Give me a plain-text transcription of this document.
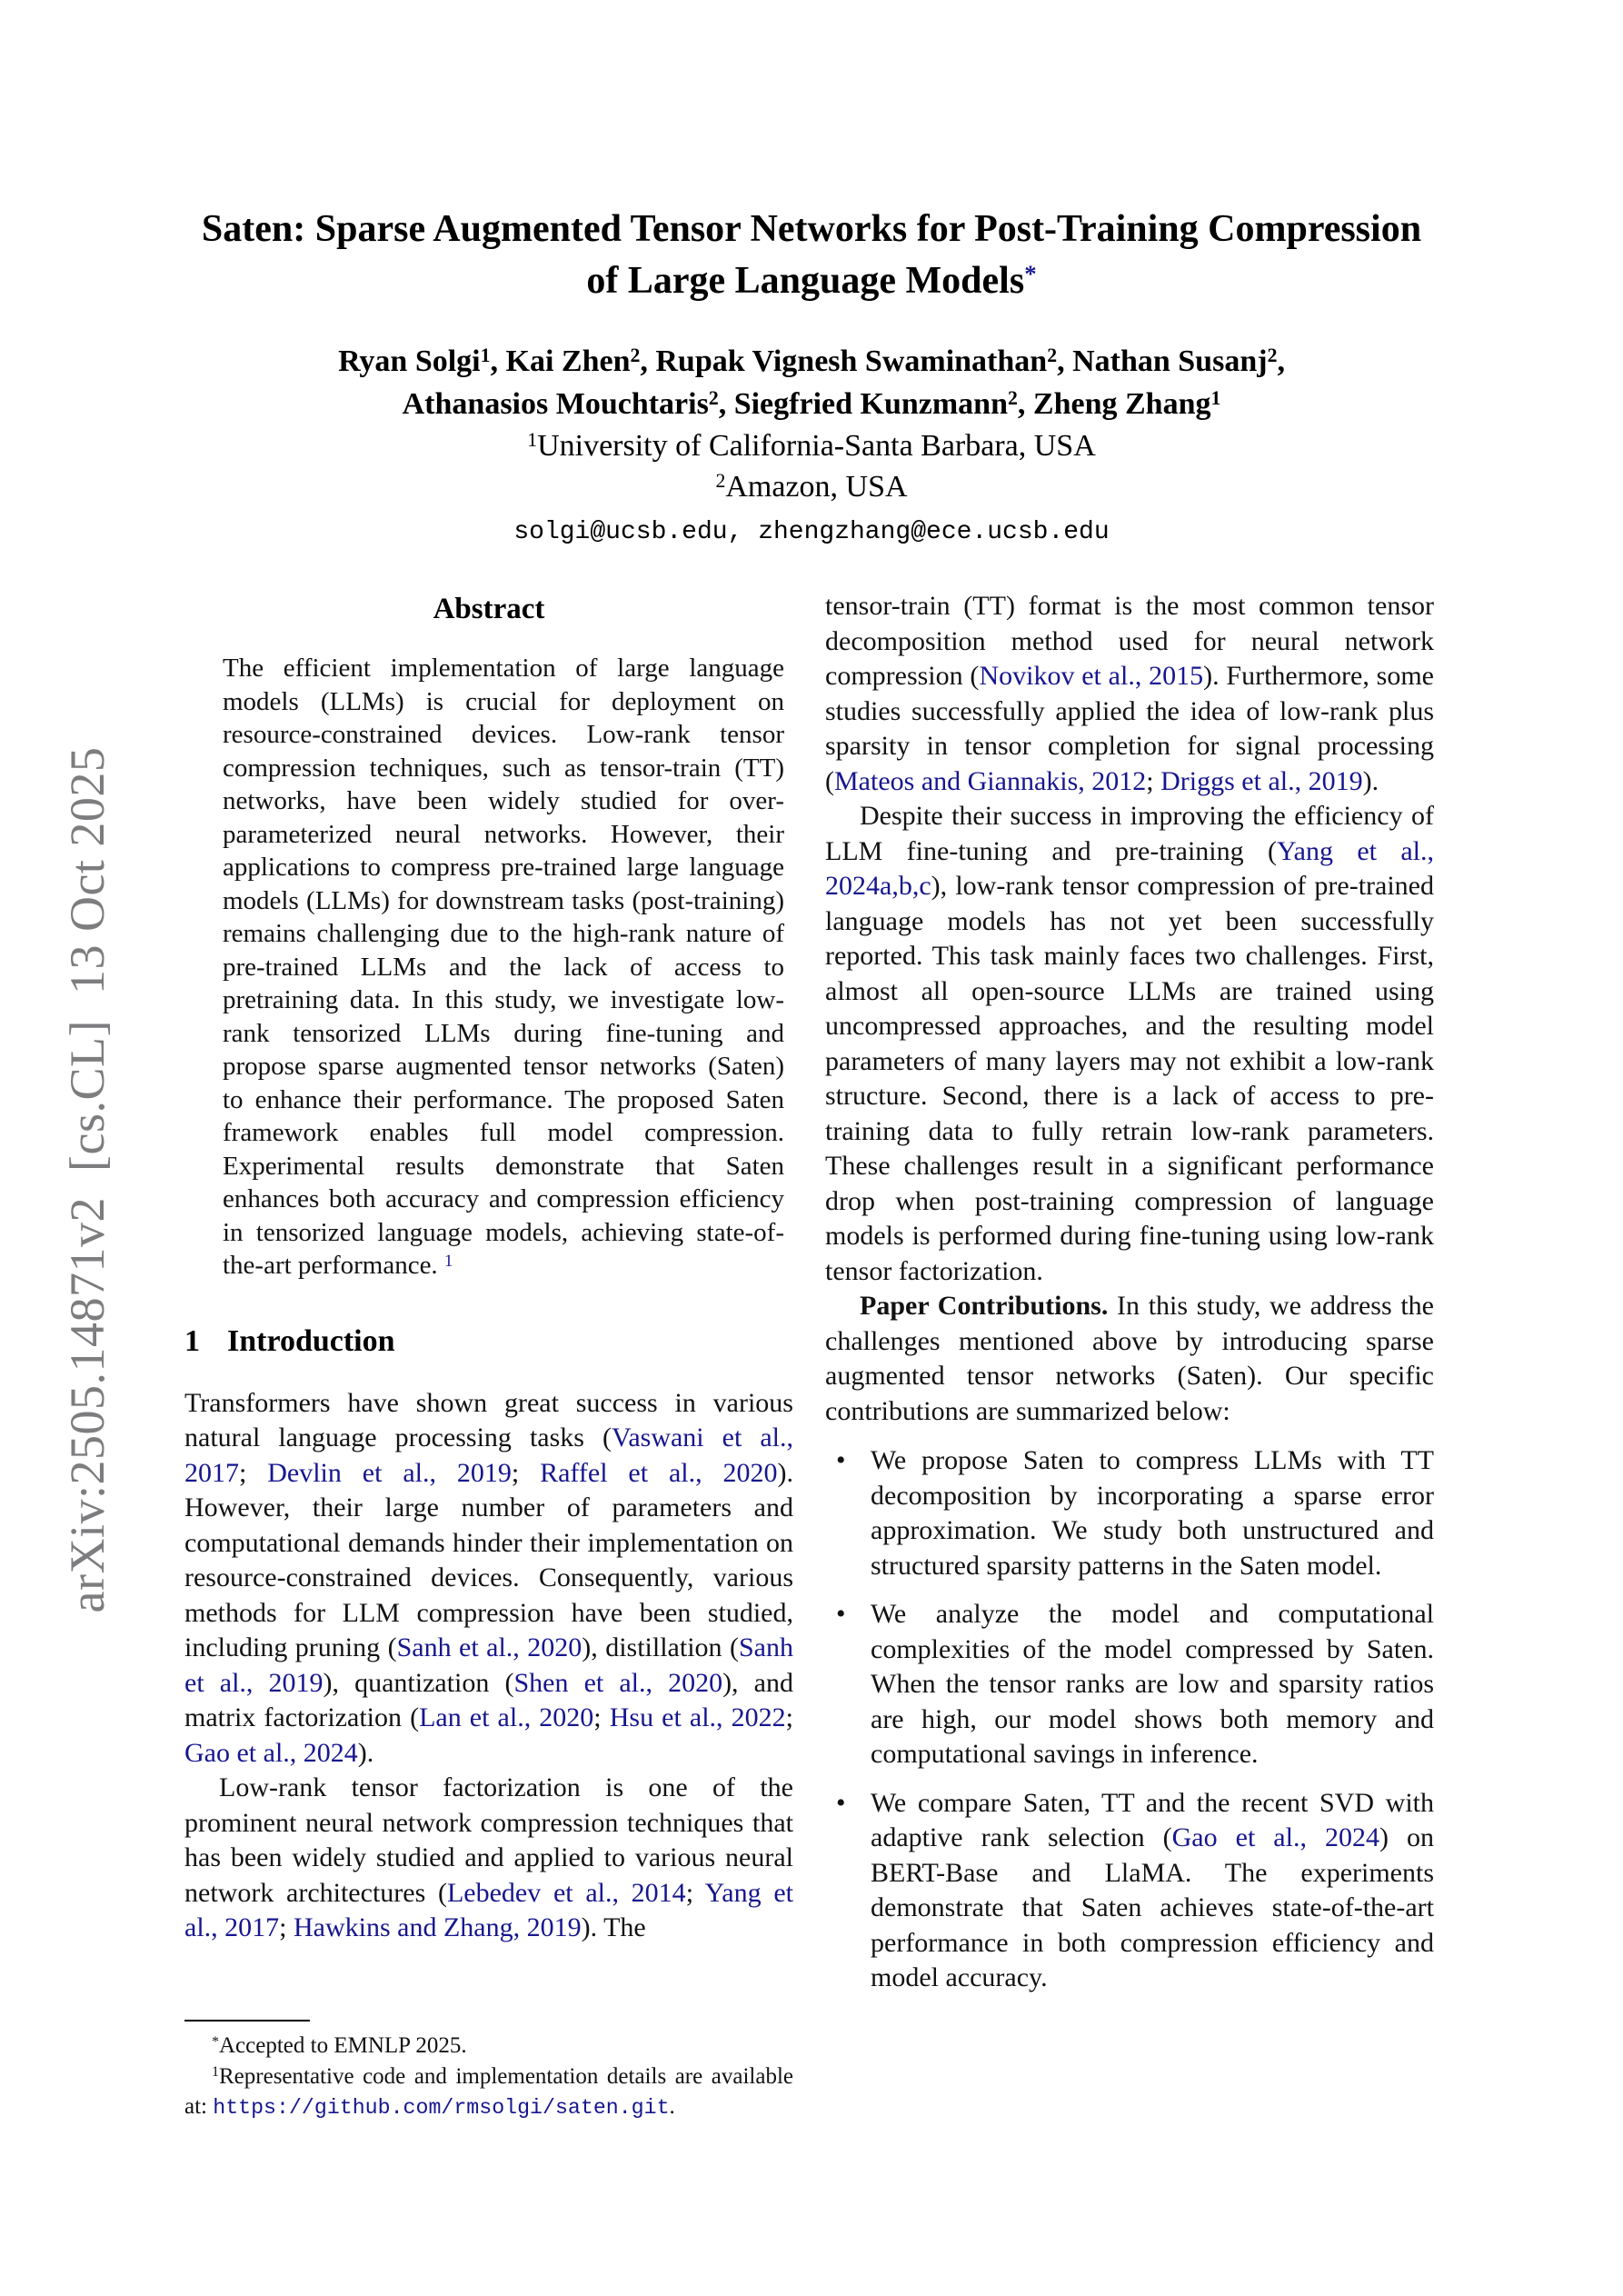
arXiv:2505.14871v2  [cs.CL]  13 Oct 2025
Saten: Sparse Augmented Tensor Networks for Post-Training Compression
of Large Language Models*
Ryan Solgi$^1$, Kai Zhen$^2$, Rupak Vignesh Swaminathan$^2$, Nathan Susanj$^2$,
Athanasios Mouchtaris$^2$, Siegfried Kunzmann$^2$, Zheng Zhang$^1$
$^1$University of California-Santa Barbara, USA
$^2$Amazon, USA
solgi@ucsb.edu, zhengzhang@ece.ucsb.edu
Abstract

The efficient implementation of large language models (LLMs) is crucial for deployment on resource-constrained devices. Low-rank tensor compression techniques, such as tensor-train (TT) networks, have been widely studied for over-parameterized neural networks. However, their applications to compress pre-trained large language models (LLMs) for downstream tasks (post-training) remains challenging due to the high-rank nature of pre-trained LLMs and the lack of access to pretraining data. In this study, we investigate low-rank tensorized LLMs during fine-tuning and propose sparse augmented tensor networks (Saten) to enhance their performance. The proposed Saten framework enables full model compression. Experimental results demonstrate that Saten enhances both accuracy and compression efficiency in tensorized language models, achieving state-of-the-art performance. $^1$

1 Introduction

Transformers have shown great success in various natural language processing tasks (Vaswani et al., 2017; Devlin et al., 2019; Raffel et al., 2020). However, their large number of parameters and computational demands hinder their implementation on resource-constrained devices. Consequently, various methods for LLM compression have been studied, including pruning (Sanh et al., 2020), distillation (Sanh et al., 2019), quantization (Shen et al., 2020), and matrix factorization (Lan et al., 2020; Hsu et al., 2022; Gao et al., 2024).

Low-rank tensor factorization is one of the prominent neural network compression techniques that has been widely studied and applied to various neural network architectures (Lebedev et al., 2014; Yang et al., 2017; Hawkins and Zhang, 2019). The

tensor-train (TT) format is the most common tensor decomposition method used for neural network compression (Novikov et al., 2015). Furthermore, some studies successfully applied the idea of low-rank plus sparsity in tensor completion for signal processing (Mateos and Giannakis, 2012; Driggs et al., 2019).

Despite their success in improving the efficiency of LLM fine-tuning and pre-training (Yang et al., 2024a,b,c), low-rank tensor compression of pre-trained language models has not yet been successfully reported. This task mainly faces two challenges. First, almost all open-source LLMs are trained using uncompressed approaches, and the resulting model parameters of many layers may not exhibit a low-rank structure. Second, there is a lack of access to pre-training data to fully retrain low-rank parameters. These challenges result in a significant performance drop when post-training compression of language models is performed during fine-tuning using low-rank tensor factorization.

Paper Contributions. In this study, we address the challenges mentioned above by introducing sparse augmented tensor networks (Saten). Our specific contributions are summarized below:

• We propose Saten to compress LLMs with TT decomposition by incorporating a sparse error approximation. We study both unstructured and structured sparsity patterns in the Saten model.
• We analyze the model and computational complexities of the model compressed by Saten. When the tensor ranks are low and sparsity ratios are high, our model shows both memory and computational savings in inference.
• We compare Saten, TT and the recent SVD with adaptive rank selection (Gao et al., 2024) on BERT-Base and LlaMA. The experiments demonstrate that Saten achieves state-of-the-art performance in both compression efficiency and model accuracy.

*Accepted to EMNLP 2025.

$^1$Representative code and implementation details are available at: https://github.com/rmsolgi/saten.git.
